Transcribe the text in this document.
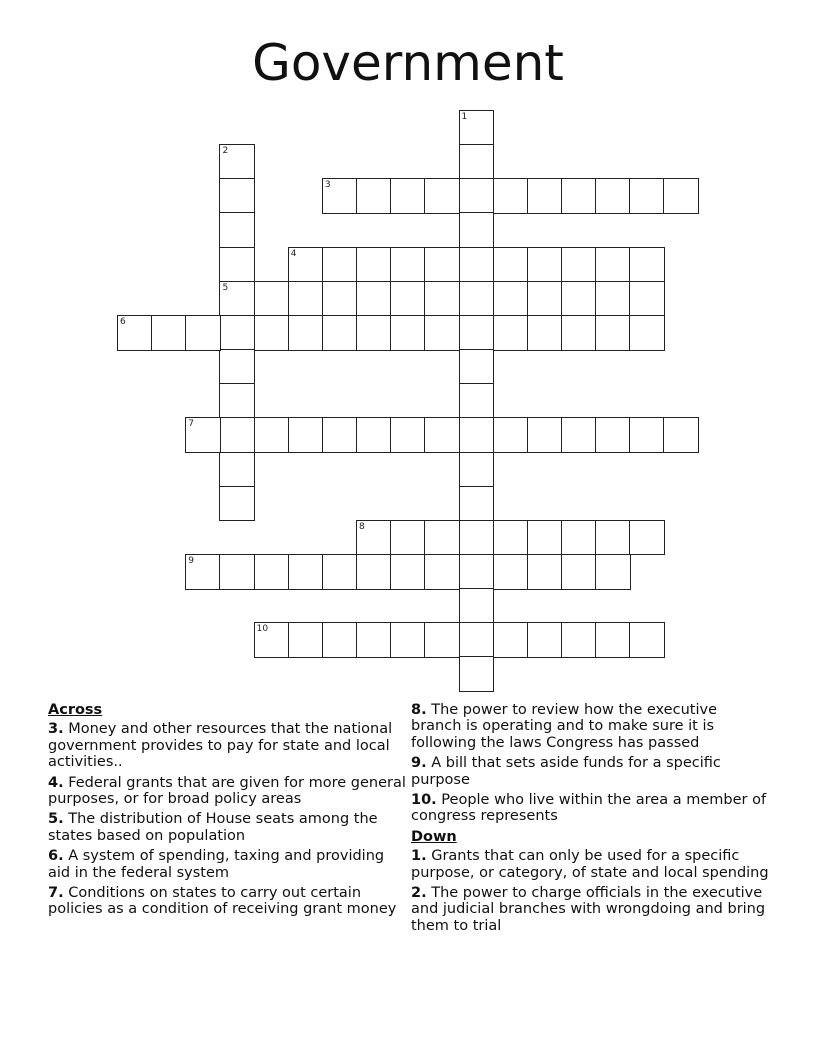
Government
1
2
5
3
4
6
7
8
9
10
Across
3. Money and other resources that the national government provides to pay for state and local activities..
4. Federal grants that are given for more general purposes, or for broad policy areas
5. The distribution of House seats among the states based on population
6. A system of spending, taxing and providing aid in the federal system
7. Conditions on states to carry out certain policies as a condition of receiving grant money
8. The power to review how the executive branch is operating and to make sure it is following the laws Congress has passed
9. A bill that sets aside funds for a specific purpose
10. People who live within the area a member of congress represents
Down
1. Grants that can only be used for a specific purpose, or category, of state and local spending
2. The power to charge officials in the executive and judicial branches with wrongdoing and bring them to trial
